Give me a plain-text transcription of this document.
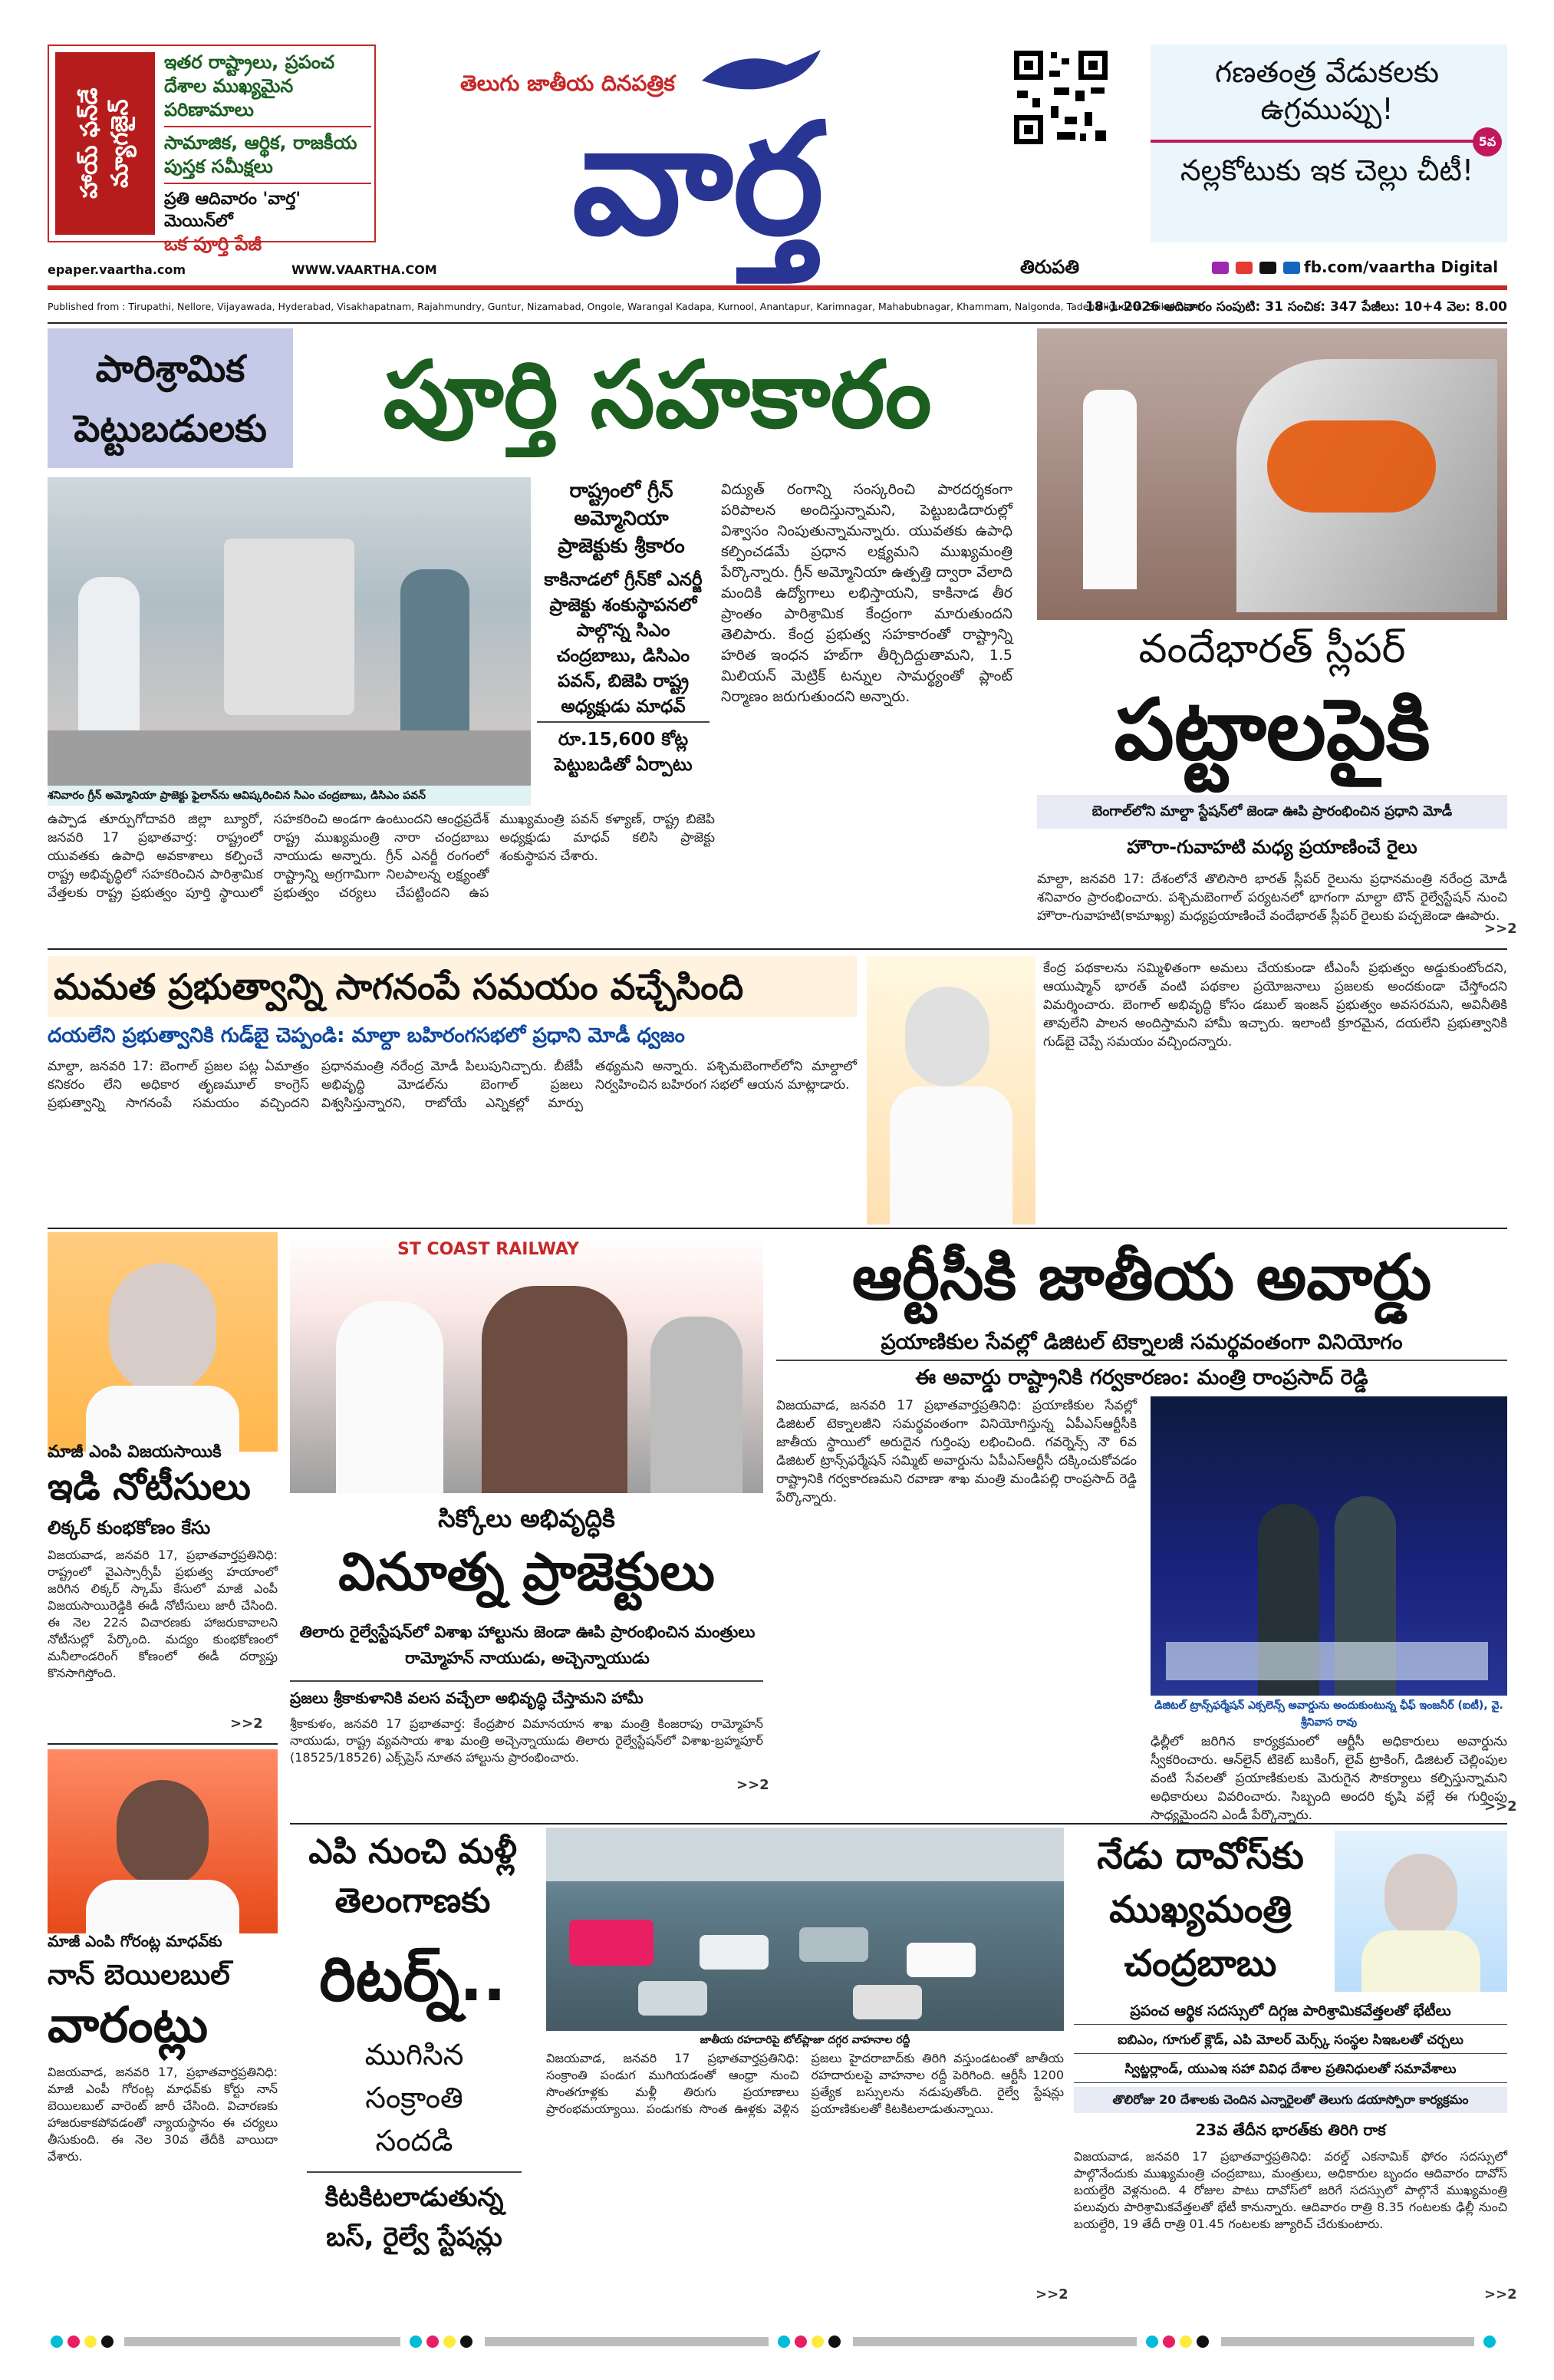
హాయ్ ఫన్‌డే మ్యాగజైన్
ఇతర రాష్ట్రాలు, ప్రపంచ దేశాల ముఖ్యమైన పరిణామాలు
సామాజిక, ఆర్థిక, రాజకీయ పుస్తక సమీక్షలు
ప్రతి ఆదివారం 'వార్త' మెయిన్‌లో
ఒక పూర్తి పేజీ
తెలుగు జాతీయ దినపత్రిక
వార్త
గణతంత్ర వేడుకలకు ఉగ్రముప్పు!
5వ
నల్లకోటుకు ఇక చెల్లు చీటీ!
epaper.vaartha.com	WWW.VAARTHA.COM	తిరుపతి
	fb.com/vaartha Digital
Published from : Tirupathi, Nellore, Vijayawada, Hyderabad, Visakhapatnam, Rajahmundry, Guntur, Nizamabad, Ongole, Warangal Kadapa, Kurnool, Anantapur, Karimnagar, Mahabubnagar, Khammam, Nalgonda, Tadepalligudem, Srikakulam
18-1-2026 ఆదివారం సంపుటి: 31 సంచిక: 347 పేజీలు: 10+4 వెల: 8.00
పారిశ్రామిక పెట్టుబడులకు	పూర్తి సహకారం
శనివారం గ్రీన్ అమ్మోనియా ప్రాజెక్టు ఫైలాన్‌ను ఆవిష్కరించిన సిఎం చంద్రబాబు, డిసిఎం పవన్
రాష్ట్రంలో గ్రీన్ అమ్మోనియా ప్రాజెక్టుకు శ్రీకారం
కాకినాడలో గ్రీన్‌కో ఎనర్జీ ప్రాజెక్టు శంకుస్థాపనలో పాల్గొన్న సిఎం చంద్రబాబు, డిసిఎం పవన్, బిజెపి రాష్ట్ర అధ్యక్షుడు మాధవ్
రూ.15,600 కోట్ల పెట్టుబడితో ఏర్పాటు
విద్యుత్ రంగాన్ని సంస్కరించి పారదర్శకంగా పరిపాలన అందిస్తున్నామని, పెట్టుబడిదారుల్లో విశ్వాసం నింపుతున్నామన్నారు. యువతకు ఉపాధి కల్పించడమే ప్రధాన లక్ష్యమని ముఖ్యమంత్రి పేర్కొన్నారు. గ్రీన్ అమ్మోనియా ఉత్పత్తి ద్వారా వేలాది మందికి ఉద్యోగాలు లభిస్తాయని, కాకినాడ తీర ప్రాంతం పారిశ్రామిక కేంద్రంగా మారుతుందని తెలిపారు. కేంద్ర ప్రభుత్వ సహకారంతో రాష్ట్రాన్ని హరిత ఇంధన హబ్‌గా తీర్చిదిద్దుతామని, 1.5 మిలియన్ మెట్రిక్ టన్నుల సామర్థ్యంతో ప్లాంట్ నిర్మాణం జరుగుతుందని అన్నారు.
ఉప్పాడ తూర్పుగోదావరి జిల్లా బ్యూరో, జనవరి 17 ప్రభాతవార్త: రాష్ట్రంలో యువతకు ఉపాధి అవకాశాలు కల్పించే రాష్ట్ర అభివృద్ధిలో సహకరించిన పారిశ్రామిక వేత్తలకు రాష్ట్ర ప్రభుత్వం పూర్తి స్థాయిలో సహకరించి అండగా ఉంటుందని ఆంధ్రప్రదేశ్ రాష్ట్ర ముఖ్యమంత్రి నారా చంద్రబాబు నాయుడు అన్నారు. గ్రీన్ ఎనర్జీ రంగంలో రాష్ట్రాన్ని అగ్రగామిగా నిలపాలన్న లక్ష్యంతో ప్రభుత్వం చర్యలు చేపట్టిందని ఉప ముఖ్యమంత్రి పవన్ కళ్యాణ్, రాష్ట్ర బిజెపి అధ్యక్షుడు మాధవ్ కలిసి ప్రాజెక్టు శంకుస్థాపన చేశారు.
వందేభారత్ స్లీపర్
పట్టాలపైకి
బెంగాల్‌లోని మాల్దా స్టేషన్‌లో జెండా ఊపి ప్రారంభించిన ప్రధాని మోడీ
హౌరా-గువాహటి మధ్య ప్రయాణించే రైలు
మాల్దా, జనవరి 17: దేశంలోనే తొలిసారి భారత్ స్లీపర్ రైలును ప్రధానమంత్రి నరేంద్ర మోడీ శనివారం ప్రారంభించారు. పశ్చిమబెంగాల్ పర్యటనలో భాగంగా మాల్దా టౌన్ రైల్వేస్టేషన్ నుంచి హౌరా-గువాహటి(కామాఖ్య) మధ్యప్రయాణించే వందేభారత్ స్లీపర్ రైలుకు పచ్చజెండా ఊపారు.
>>2
మమత ప్రభుత్వాన్ని సాగనంపే సమయం వచ్చేసింది
దయలేని ప్రభుత్వానికి గుడ్‌బై చెప్పండి: మాల్దా బహిరంగసభలో ప్రధాని మోడీ ధ్వజం
మాల్దా, జనవరి 17: బెంగాల్ ప్రజల పట్ల ఏమాత్రం కనికరం లేని అధికార తృణమూల్ కాంగ్రెస్ ప్రభుత్వాన్ని సాగనంపే సమయం వచ్చిందని ప్రధానమంత్రి నరేంద్ర మోడీ పిలుపునిచ్చారు. బీజేపీ అభివృద్ధి మోడల్‌ను బెంగాల్ ప్రజలు విశ్వసిస్తున్నారని, రాబోయే ఎన్నికల్లో మార్పు తథ్యమని అన్నారు. పశ్చిమబెంగాల్‌లోని మాల్దాలో నిర్వహించిన బహిరంగ సభలో ఆయన మాట్లాడారు.
కేంద్ర పథకాలను సమ్మిళితంగా అమలు చేయకుండా టీఎంసీ ప్రభుత్వం అడ్డుకుంటోందని, ఆయుష్మాన్ భారత్ వంటి పథకాల ప్రయోజనాలు ప్రజలకు అందకుండా చేస్తోందని విమర్శించారు. బెంగాల్ అభివృద్ధి కోసం డబుల్ ఇంజన్ ప్రభుత్వం అవసరమని, అవినీతికి తావులేని పాలన అందిస్తామని హామీ ఇచ్చారు. ఇలాంటి క్రూరమైన, దయలేని ప్రభుత్వానికి గుడ్‌బై చెప్పే సమయం వచ్చిందన్నారు.
మాజీ ఎంపి విజయసాయికి
ఇడి నోటీసులు
లిక్కర్ కుంభకోణం కేసు
విజయవాడ, జనవరి 17, ప్రభాతవార్తప్రతినిధి: రాష్ట్రంలో వైఎస్సార్సీపీ ప్రభుత్వ హయాంలో జరిగిన లిక్కర్ స్కామ్ కేసులో మాజీ ఎంపీ విజయసాయిరెడ్డికి ఈడీ నోటీసులు జారీ చేసింది. ఈ నెల 22న విచారణకు హాజరుకావాలని నోటీసుల్లో పేర్కొంది. మద్యం కుంభకోణంలో మనీలాండరింగ్ కోణంలో ఈడీ దర్యాప్తు కొనసాగిస్తోంది.
>>2
మాజీ ఎంపి గోరంట్ల మాధవ్‌కు
నాన్ బెయిలబుల్
వారంట్లు
విజయవాడ, జనవరి 17, ప్రభాతవార్తప్రతినిధి: మాజీ ఎంపీ గోరంట్ల మాధవ్‌కు కోర్టు నాన్ బెయిలబుల్ వారెంట్ జారీ చేసింది. విచారణకు హాజరుకాకపోవడంతో న్యాయస్థానం ఈ చర్యలు తీసుకుంది. ఈ నెల 30వ తేదీకి వాయిదా వేశారు.
ST COAST RAILWAY
సిక్కోలు అభివృద్ధికి
వినూత్న ప్రాజెక్టులు
తిలారు రైల్వేస్టేషన్‌లో విశాఖ హాల్టును జెండా ఊపి ప్రారంభించిన మంత్రులు రామ్మోహన్ నాయుడు, అచ్చెన్నాయుడు
ప్రజలు శ్రీకాకుళానికి వలస వచ్చేలా అభివృద్ధి చేస్తామని హామీ
శ్రీకాకుళం, జనవరి 17 ప్రభాతవార్త: కేంద్రపౌర విమానయాన శాఖ మంత్రి కింజరాపు రామ్మోహన్ నాయుడు, రాష్ట్ర వ్యవసాయ శాఖ మంత్రి అచ్చెన్నాయుడు తిలారు రైల్వేస్టేషన్‌లో విశాఖ-బ్రహ్మపూర్ (18525/18526) ఎక్స్‌ప్రెస్ నూతన హాల్టును ప్రారంభించారు.
>>2
ఆర్టీసీకి జాతీయ అవార్డు
ప్రయాణికుల సేవల్లో డిజిటల్ టెక్నాలజీ సమర్థవంతంగా వినియోగం
ఈ అవార్డు రాష్ట్రానికి గర్వకారణం: మంత్రి రాంప్రసాద్ రెడ్డి
విజయవాడ, జనవరి 17 ప్రభాతవార్తప్రతినిధి: ప్రయాణికుల సేవల్లో డిజిటల్ టెక్నాలజీని సమర్థవంతంగా వినియోగిస్తున్న ఏపీఎస్ఆర్టీసీకి జాతీయ స్థాయిలో అరుదైన గుర్తింపు లభించింది. గవర్నెన్స్ నౌ 6వ డిజిటల్ ట్రాన్స్‌ఫర్మేషన్ సమ్మిట్ అవార్డును ఏపీఎస్ఆర్టీసీ దక్కించుకోవడం రాష్ట్రానికి గర్వకారణమని రవాణా శాఖ మంత్రి మండిపల్లి రాంప్రసాద్ రెడ్డి పేర్కొన్నారు.
డిజిటల్ ట్రాన్స్‌ఫర్మేషన్ ఎక్సలెన్స్ అవార్డును అందుకుంటున్న ఛీఫ్ ఇంజనీర్ (ఐటీ), వై. శ్రీనివాస రావు
ఢిల్లీలో జరిగిన కార్యక్రమంలో ఆర్టీసీ అధికారులు అవార్డును స్వీకరించారు. ఆన్‌లైన్ టికెట్ బుకింగ్, లైవ్ ట్రాకింగ్, డిజిటల్ చెల్లింపుల వంటి సేవలతో ప్రయాణికులకు మెరుగైన సౌకర్యాలు కల్పిస్తున్నామని అధికారులు వివరించారు. సిబ్బంది అందరి కృషి వల్లే ఈ గుర్తింపు సాధ్యమైందని ఎండీ పేర్కొన్నారు.
>>2
ఎపి నుంచి మళ్లీ
తెలంగాణకు
రిటర్న్..
ముగిసిన సంక్రాంతి సందడి
కిటకిటలాడుతున్న బస్, రైల్వే స్టేషన్లు
జాతీయ రహదారిపై టోల్‌ప్లాజా దగ్గర వాహనాల రద్దీ
విజయవాడ, జనవరి 17 ప్రభాతవార్తప్రతినిధి: సంక్రాంతి పండుగ ముగియడంతో ఆంధ్రా నుంచి సొంతగూళ్లకు మళ్లీ తిరుగు ప్రయాణాలు ప్రారంభమయ్యాయి. పండుగకు సొంత ఊళ్లకు వెళ్లిన ప్రజలు హైదరాబాద్‌కు తిరిగి వస్తుండటంతో జాతీయ రహదారులపై వాహనాల రద్దీ పెరిగింది. ఆర్టీసీ 1200 ప్రత్యేక బస్సులను నడుపుతోంది. రైల్వే స్టేషన్లు ప్రయాణికులతో కిటకిటలాడుతున్నాయి.
>>2
నేడు దావోస్‌కు
ముఖ్యమంత్రి
చంద్రబాబు
ప్రపంచ ఆర్థిక సదస్సులో దిగ్గజ పారిశ్రామికవేత్తలతో భేటీలు
ఐబిఎం, గూగుల్ క్లౌడ్, ఎపి మోలర్ మెర్స్క్ సంస్థల సిఇఒలతో చర్చలు
స్విట్జర్లాండ్, యుఎఇ సహా వివిధ దేశాల ప్రతినిధులతో సమావేశాలు
తొలిరోజు 20 దేశాలకు చెందిన ఎన్నారైలతో తెలుగు డయాస్పోరా కార్యక్రమం
23వ తేదీన భారత్‌కు తిరిగి రాక
విజయవాడ, జనవరి 17 ప్రభాతవార్తప్రతినిధి: వరల్డ్ ఎకనామిక్ ఫోరం సదస్సులో పాల్గొనేందుకు ముఖ్యమంత్రి చంద్రబాబు, మంత్రులు, అధికారుల బృందం ఆదివారం దావోస్ బయల్దేరి వెళ్లనుంది. 4 రోజుల పాటు దావోస్‌లో జరిగే సదస్సులో పాల్గొనే ముఖ్యమంత్రి పలువురు పారిశ్రామికవేత్తలతో భేటీ కానున్నారు. ఆదివారం రాత్రి 8.35 గంటలకు ఢిల్లీ నుంచి బయల్దేరి, 19 తేదీ రాత్రి 01.45 గంటలకు జ్యూరిచ్ చేరుకుంటారు.
>>2
